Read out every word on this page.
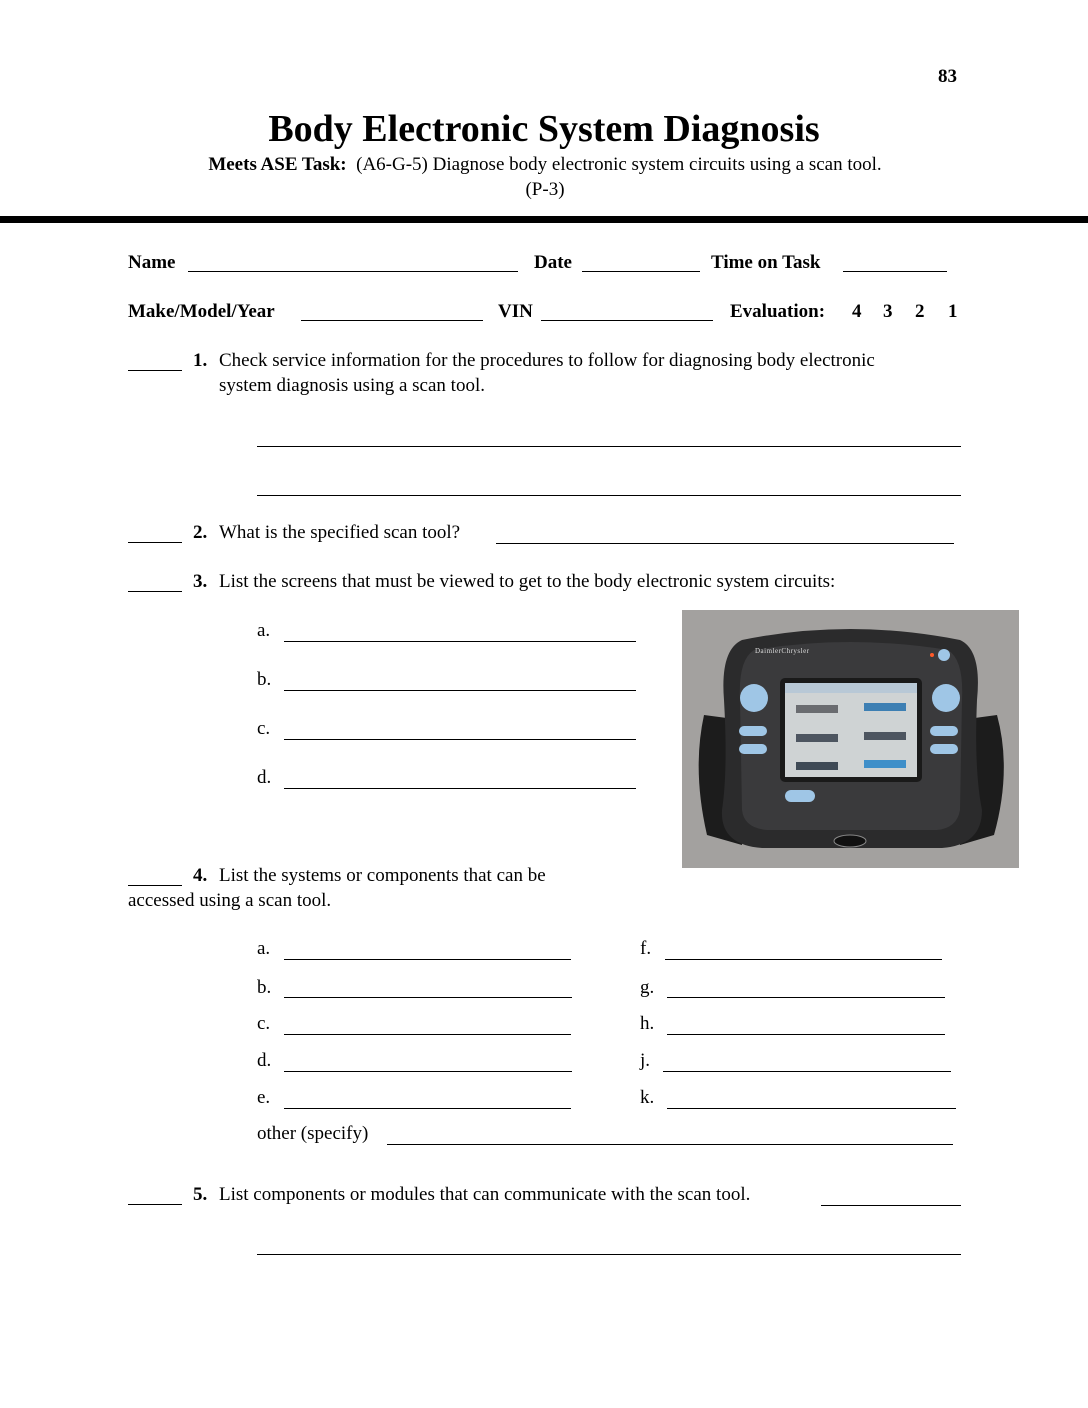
83
Body Electronic System Diagnosis
Meets ASE Task: (A6-G-5) Diagnose body electronic system circuits using a scan tool.
(P-3)
Name	Date	Time on Task
Make/Model/Year	VIN	Evaluation: 4 3 2 1
1. Check service information for the procedures to follow for diagnosing body electronic
system diagnosis using a scan tool.
2. What is the specified scan tool?
3. List the screens that must be viewed to get to the body electronic system circuits:
a.
b.
c.
d.
DaimlerChrysler
4. List the systems or components that can be
accessed using a scan tool.
a.
b.
c.
d.
e.
f.
g.
h.
j.
k.
other (specify)
5. List components or modules that can communicate with the scan tool.
